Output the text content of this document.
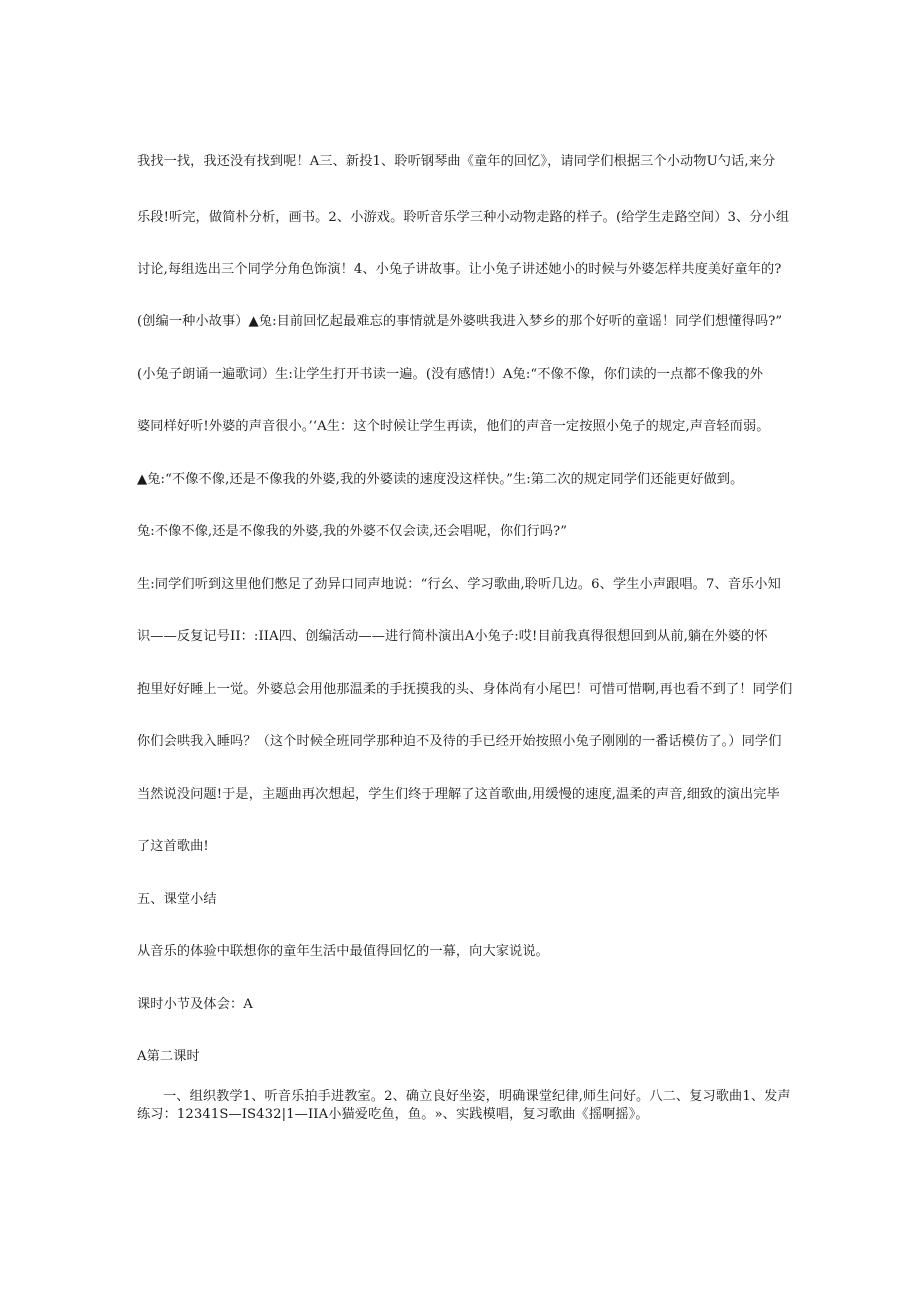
我找一找，我还没有找到呢！A三、新投1、聆听钢琴曲《童年的回忆》，请同学们根据三个小动物U勺话,来分
乐段!听完，做简朴分析，画书。2、小游戏。聆听音乐学三种小动物走路的样子。(给学生走路空间）3、分小组
讨论,每组选出三个同学分角色饰演！4、小兔子讲故事。让小兔子讲述她小的时候与外婆怎样共度美好童年的?
(创编一种小故事）▲兔:目前回忆起最难忘的事情就是外婆哄我进入梦乡的那个好听的童谣！同学们想懂得吗?”
(小兔子朗诵一遍歌词）生:让学生打开书读一遍。(没有感情!）A兔:“不像不像，你们读的一点都不像我的外
婆同样好听!外婆的声音很小。’‘A生：这个时候让学生再读，他们的声音一定按照小兔子的规定,声音轻而弱。
▲兔:“不像不像,还是不像我的外婆,我的外婆读的速度没这样快。”生:第二次的规定同学们还能更好做到。
兔:不像不像,还是不像我的外婆,我的外婆不仅会读,还会唱呢，你们行吗?”
生:同学们听到这里他们憋足了劲异口同声地说：“行幺、学习歌曲,聆听几边。6、学生小声跟唱。7、音乐小知
识——反复记号II：:IIA四、创编活动——进行简朴演出A小兔子:哎!目前我真得很想回到从前,躺在外婆的怀
抱里好好睡上一觉。外婆总会用他那温柔的手抚摸我的头、身体尚有小尾巴！可惜可惜啊,再也看不到了！同学们
你们会哄我入睡吗？（这个时候全班同学那种迫不及待的手已经开始按照小兔子刚刚的一番话模仿了。）同学们
当然说没问题!于是，主题曲再次想起，学生们终于理解了这首歌曲,用缓慢的速度,温柔的声音,细致的演出完毕
了这首歌曲!
五、课堂小结
从音乐的体验中联想你的童年生活中最值得回忆的一幕，向大家说说。
课时小节及体会：A
A第二课时
一、组织教学1、听音乐拍手进教室。2、确立良好坐姿，明确课堂纪律,师生问好。八二、复习歌曲1、发声练习：12341S—IS432|1—IIA小猫爱吃鱼，鱼。»、实践模唱，复习歌曲《摇啊摇》。
